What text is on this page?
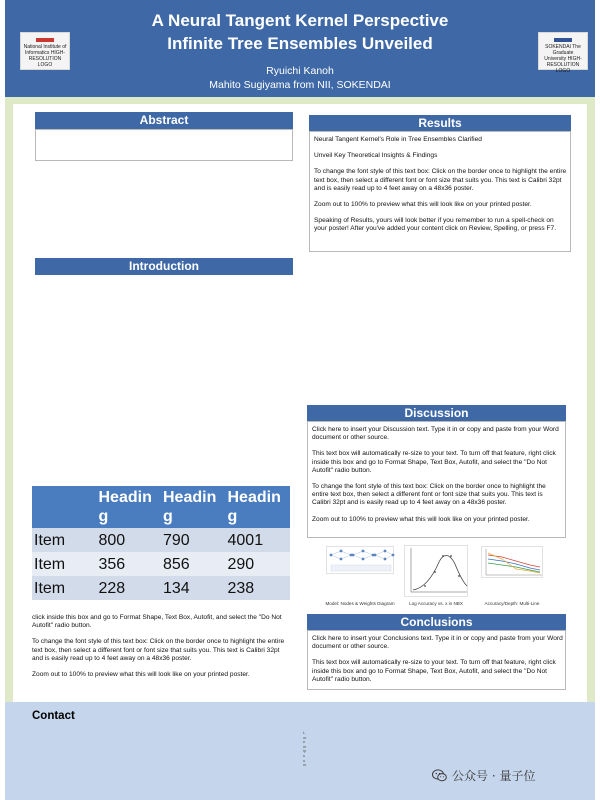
National Institute of Informatics HIGH-RESOLUTION LOGO
A Neural Tangent Kernel Perspective
Infinite Tree Ensembles Unveiled
Ryuichi Kanoh
Mahito Sugiyama from NII, SOKENDAI
SOKENDAI The Graduate University HIGH-RESOLUTION LOGO
Abstract
Introduction
Results

Neural Tangent Kernel's Role in Tree Ensembles Clarified

Unveil Key Theoretical Insights & Findings

To change the font style of this text box: Click on the border once to highlight the entire text box, then select a different font or font size that suits you. This text is Calibri 32pt and is easily read up to 4 feet away on a 48x36 poster.

Zoom out to 100% to preview what this will look like on your printed poster.

Speaking of Results, yours will look better if you remember to run a spell-check on your poster! After you've added your content click on Review, Spelling, or press F7.

	Heading	Heading	Heading
Item	800	790	4001
Item	356	856	290
Item	228	134	238

click inside this box and go to Format Shape, Text Box, Autofit, and select the "Do Not Autofit" radio button.

To change the font style of this text box: Click on the border once to highlight the entire text box, then select a different font or font size that suits you. This text is Calibri 32pt and is easily read up to 4 feet away on a 48x36 poster.

Zoom out to 100% to preview what this will look like on your printed poster.

Discussion

Click here to insert your Discussion text. Type it in or copy and paste from your Word document or other source.

This text box will automatically re-size to your text. To turn off that feature, right click inside this box and go to Format Shape, Text Box, Autofit, and select the "Do Not Autofit" radio button.

To change the font style of this text box: Click on the border once to highlight the entire text box, then select a different font or font size that suits you. This text is Calibri 32pt and is easily read up to 4 feet away on a 48x36 poster.

Zoom out to 100% to preview what this will look like on your printed poster.

Model: Nodes & Weights Diagram	Log Accuracy vs. x in NBX	Accuracy/Depth: Multi-Line
Conclusions

Click here to insert your Conclusions text. Type it in or copy and paste from your Word document or other source.

This text box will automatically re-size to your text. To turn off that feature, right click inside this box and go to Format Shape, Text Box, Autofit, and select the "Do Not Autofit" radio button.

Contact
Lorem ipsum
公众号 · 量子位
